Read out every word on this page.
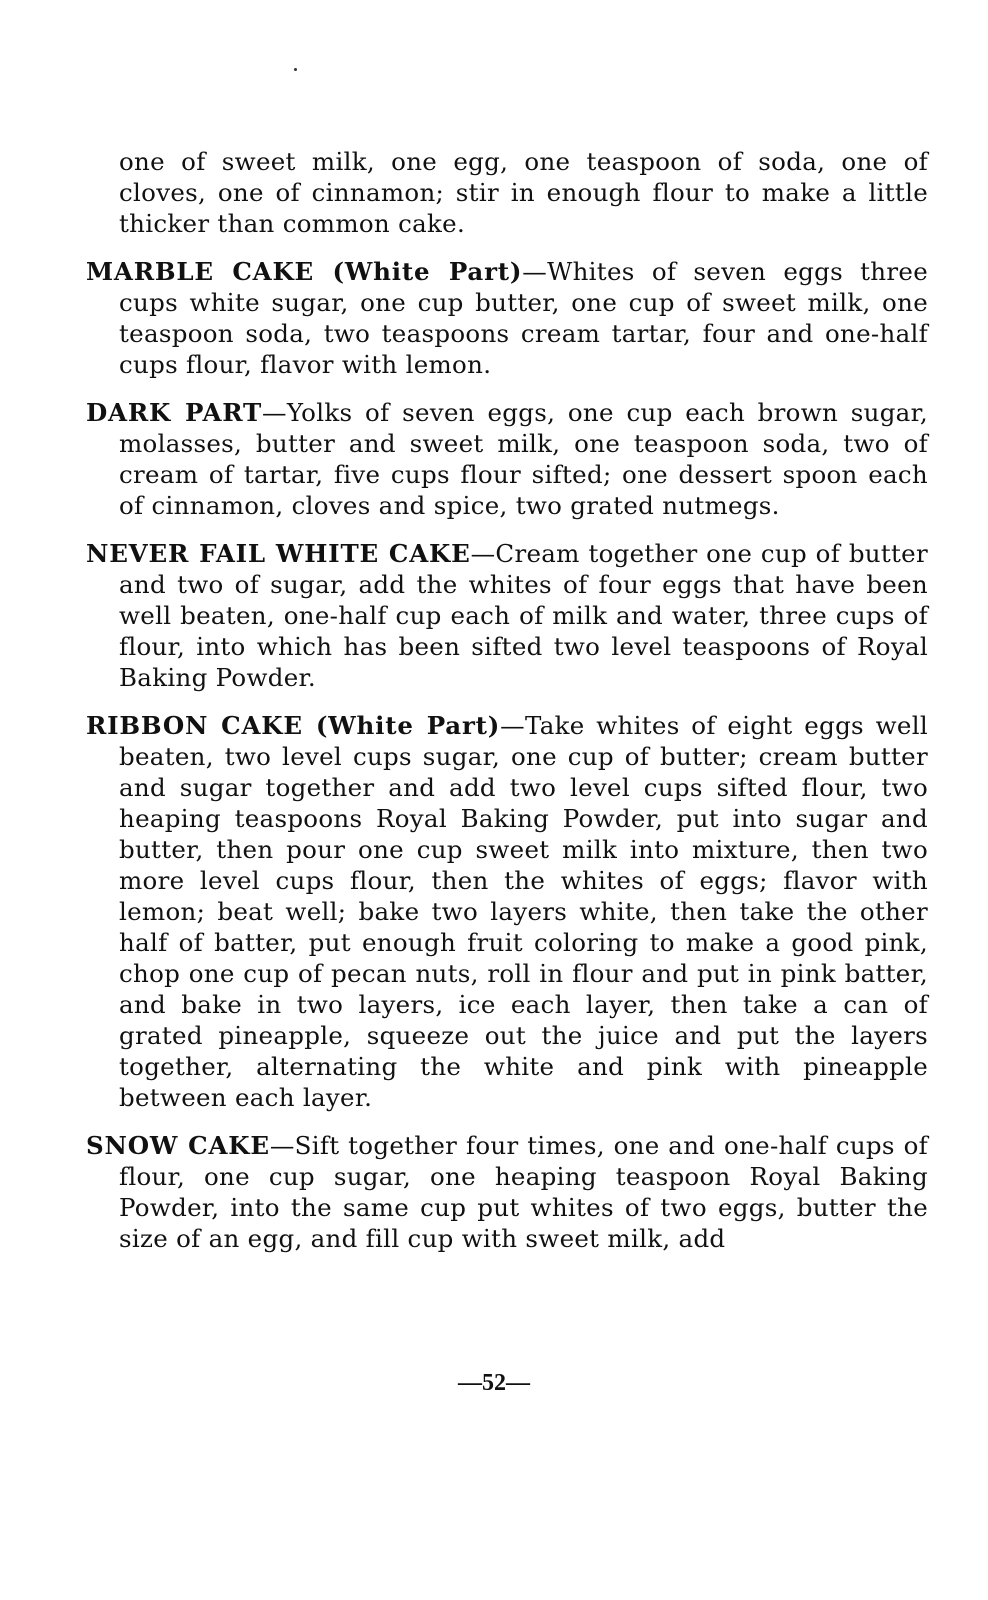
one of sweet milk, one egg, one teaspoon of soda, one of cloves, one of cinnamon; stir in enough flour to make a little thicker than common cake.

MARBLE CAKE (White Part)—Whites of seven eggs three cups white sugar, one cup butter, one cup of sweet milk, one teaspoon soda, two teaspoons cream tartar, four and one-half cups flour, flavor with lemon.

DARK PART—Yolks of seven eggs, one cup each brown sugar, molasses, butter and sweet milk, one teaspoon soda, two of cream of tartar, five cups flour sifted; one dessert spoon each of cinnamon, cloves and spice, two grated nutmegs.

NEVER FAIL WHITE CAKE—Cream together one cup of butter and two of sugar, add the whites of four eggs that have been well beaten, one-half cup each of milk and water, three cups of flour, into which has been sifted two level teaspoons of Royal Baking Powder.

RIBBON CAKE (White Part)—Take whites of eight eggs well beaten, two level cups sugar, one cup of butter; cream butter and sugar together and add two level cups sifted flour, two heaping teaspoons Royal Baking Powder, put into sugar and butter, then pour one cup sweet milk into mixture, then two more level cups flour, then the whites of eggs; flavor with lemon; beat well; bake two layers white, then take the other half of batter, put enough fruit coloring to make a good pink, chop one cup of pecan nuts, roll in flour and put in pink batter, and bake in two layers, ice each layer, then take a can of grated pineapple, squeeze out the juice and put the layers together, alternating the white and pink with pineapple between each layer.

SNOW CAKE—Sift together four times, one and one-half cups of flour, one cup sugar, one heaping teaspoon Royal Baking Powder, into the same cup put whites of two eggs, butter the size of an egg, and fill cup with sweet milk, add

—52—
